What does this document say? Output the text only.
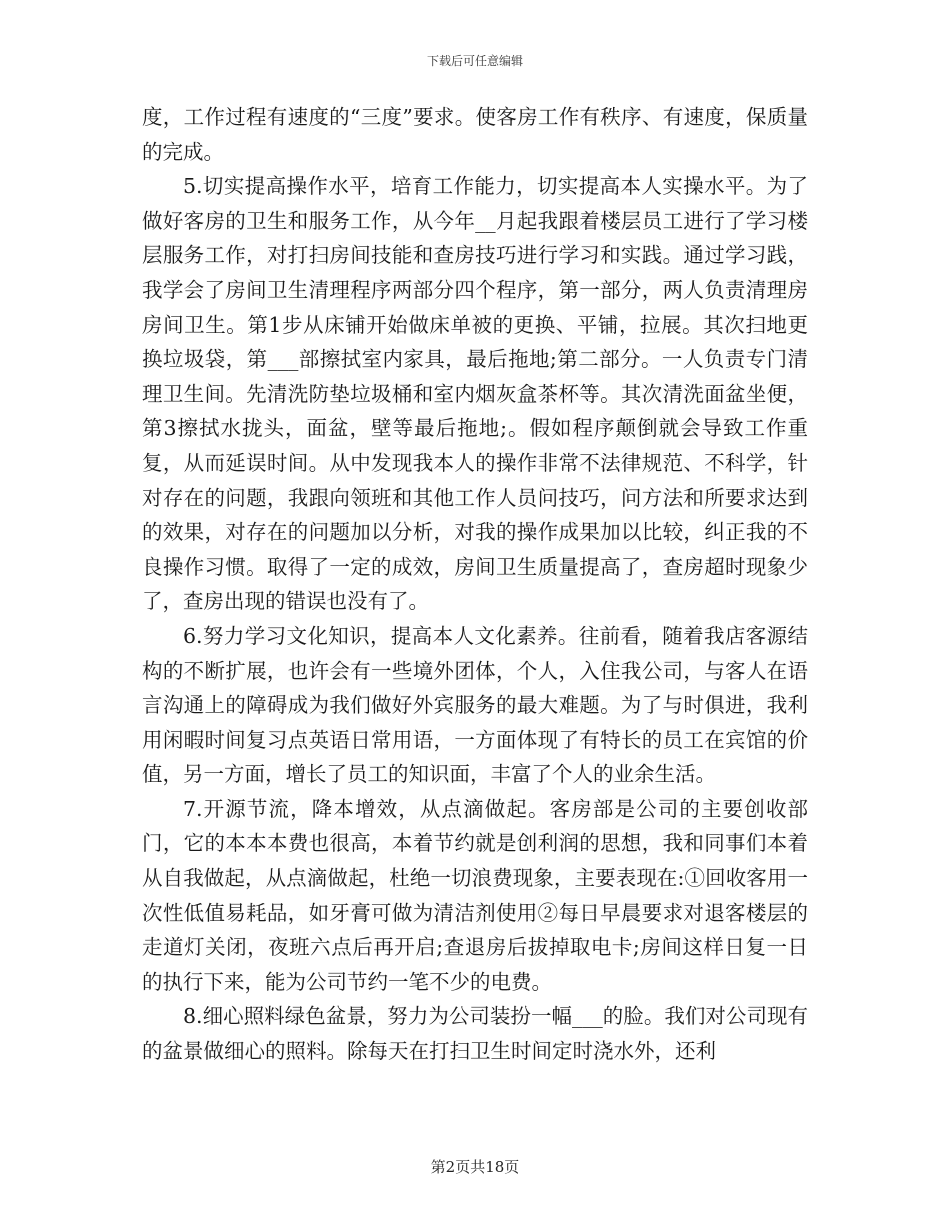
下载后可任意编辑

度，工作过程有速度的“三度”要求。使客房工作有秩序、有速度，保质量的完成。

5.切实提高操作水平，培育工作能力，切实提高本人实操水平。为了做好客房的卫生和服务工作，从今年__月起我跟着楼层员工进行了学习楼层服务工作，对打扫房间技能和查房技巧进行学习和实践。通过学习践，我学会了房间卫生清理程序两部分四个程序，第一部分，两人负责清理房房间卫生。第1步从床铺开始做床单被的更换、平铺，拉展。其次扫地更换垃圾袋，第___部擦拭室内家具，最后拖地;第二部分。一人负责专门清理卫生间。先清洗防垫垃圾桶和室内烟灰盒茶杯等。其次清洗面盆坐便，第3擦拭水拢头，面盆，壁等最后拖地;。假如程序颠倒就会导致工作重复，从而延误时间。从中发现我本人的操作非常不法律规范、不科学，针对存在的问题，我跟向领班和其他工作人员问技巧，问方法和所要求达到的效果，对存在的问题加以分析，对我的操作成果加以比较，纠正我的不良操作习惯。取得了一定的成效，房间卫生质量提高了，查房超时现象少了，查房出现的错误也没有了。

6.努力学习文化知识，提高本人文化素养。往前看，随着我店客源结构的不断扩展，也许会有一些境外团体，个人，入住我公司，与客人在语言沟通上的障碍成为我们做好外宾服务的最大难题。为了与时俱进，我利用闲暇时间复习点英语日常用语，一方面体现了有特长的员工在宾馆的价值，另一方面，增长了员工的知识面，丰富了个人的业余生活。

7.开源节流，降本增效，从点滴做起。客房部是公司的主要创收部门，它的本本本费也很高，本着节约就是创利润的思想，我和同事们本着从自我做起，从点滴做起，杜绝一切浪费现象，主要表现在:①回收客用一次性低值易耗品，如牙膏可做为清洁剂使用②每日早晨要求对退客楼层的走道灯关闭，夜班六点后再开启;查退房后拔掉取电卡;房间这样日复一日的执行下来，能为公司节约一笔不少的电费。

8.细心照料绿色盆景，努力为公司装扮一幅___的脸。我们对公司现有的盆景做细心的照料。除每天在打扫卫生时间定时浇水外，还利

第2页共18页
